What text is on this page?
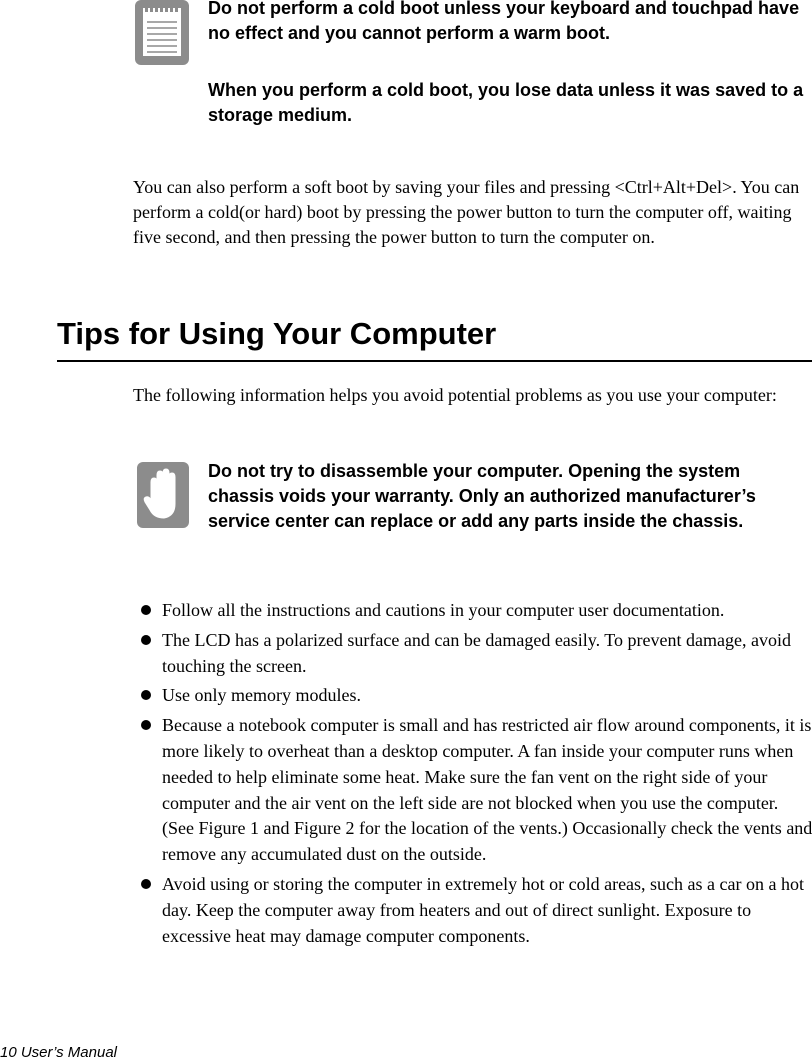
Do not perform a cold boot unless your keyboard and touchpad have no effect and you cannot perform a warm boot.

When you perform a cold boot, you lose data unless it was saved to a storage medium.

You can also perform a soft boot by saving your files and pressing <Ctrl+Alt+Del>. You can perform a cold(or hard) boot by pressing the power button to turn the computer off, waiting five second, and then pressing the power button to turn the computer on.

Tips for Using Your Computer

The following information helps you avoid potential problems as you use your computer:

Do not try to disassemble your computer. Opening the system chassis voids your warranty. Only an authorized manufacturer’s service center can replace or add any parts inside the chassis.

Follow all the instructions and cautions in your computer user documentation.
The LCD has a polarized surface and can be damaged easily. To prevent damage, avoid touching the screen.
Use only memory modules.
Because a notebook computer is small and has restricted air flow around components, it is more likely to overheat than a desktop computer. A fan inside your computer runs when needed to help eliminate some heat. Make sure the fan vent on the right side of your computer and the air vent on the left side are not blocked when you use the computer. (See Figure 1 and Figure 2 for the location of the vents.) Occasionally check the vents and remove any accumulated dust on the outside.
Avoid using or storing the computer in extremely hot or cold areas, such as a car on a hot day. Keep the computer away from heaters and out of direct sunlight. Exposure to excessive heat may damage computer components.
10 User’s Manual
